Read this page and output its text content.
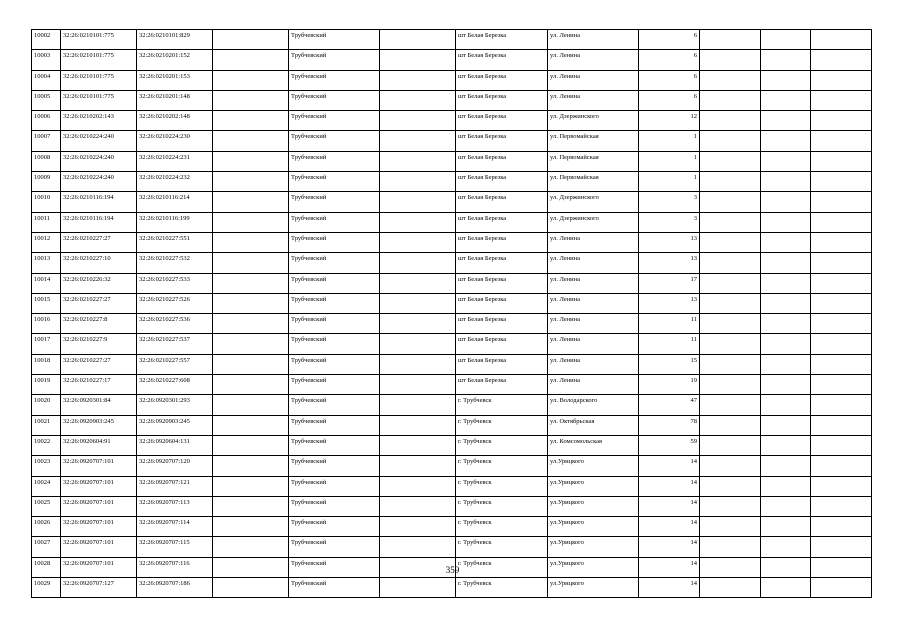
10002	32:26:0210101:775	32:26:0210101:829		Трубчевский		шт Белая Березка	ул. Ленина	6			
10003	32:26:0210101:775	32:26:0210201:152		Трубчевский		шт Белая Березка	ул. Ленина	6			
10004	32:26:0210101:775	32:26:0210201:153		Трубчевский		шт Белая Березка	ул. Ленина	6			
10005	32:26:0210101:775	32:26:0210201:148		Трубчевский		шт Белая Березка	ул. Ленина	6			
10006	32:26:0210202:143	32:26:0210202:148		Трубчевский		шт Белая Березка	ул. Дзержинского	12			
10007	32:26:0210224:240	32:26:0210224:230		Трубчевский		шт Белая Березка	ул. Первомайская	1			
10008	32:26:0210224:240	32:26:0210224:231		Трубчевский		шт Белая Березка	ул. Первомайская	1			
10009	32:26:0210224:240	32:26:0210224:232		Трубчевский		шт Белая Березка	ул. Первомайская	1			
10010	32:26:0210116:194	32:26:0210116:214		Трубчевский		шт Белая Березка	ул. Дзержинского	3			
10011	32:26:0210116:194	32:26:0210116:199		Трубчевский		шт Белая Березка	ул. Дзержинского	3			
10012	32:26:0210227:27	32:26:0210227:551		Трубчевский		шт Белая Березка	ул. Ленина	13			
10013	32:26:0210227:10	32:26:0210227:532		Трубчевский		шт Белая Березка	ул. Ленина	13			
10014	32:26:0210226:32	32:26:0210227:533		Трубчевский		шт Белая Березка	ул. Ленина	17			
10015	32:26:0210227:27	32:26:0210227:526		Трубчевский		шт Белая Березка	ул. Ленина	13			
10016	32:26:0210227:8	32:26:0210227:536		Трубчевский		шт Белая Березка	ул. Ленина	11			
10017	32:26:0210227:9	32:26:0210227:537		Трубчевский		шт Белая Березка	ул. Ленина	11			
10018	32:26:0210227:27	32:26:0210227:557		Трубчевский		шт Белая Березка	ул. Ленина	15			
10019	32:26:0210227:17	32:26:0210227:608		Трубчевский		шт Белая Березка	ул. Ленина	19			
10020	32:26:0920301:84	32:26:0920301:293		Трубчевский		г. Трубчевск	ул. Володарского	47			
10021	32:26:0920903:245	32:26:0920903:245		Трубчевский		г. Трубчевск	ул. Октябрьская	78			
10022	32:26:0920604:91	32:26:0920604:131		Трубчевский		г. Трубчевск	ул. Комсомольская	59			
10023	32:26:0920707:101	32:26:0920707:120		Трубчевский		г. Трубчевск	ул.Урицкого	14			
10024	32:26:0920707:101	32:26:0920707:121		Трубчевский		г. Трубчевск	ул.Урицкого	14			
10025	32:26:0920707:101	32:26:0920707:113		Трубчевский		г. Трубчевск	ул.Урицкого	14			
10026	32:26:0920707:101	32:26:0920707:114		Трубчевский		г. Трубчевск	ул.Урицкого	14			
10027	32:26:0920707:101	32:26:0920707:115		Трубчевский		г. Трубчевск	ул.Урицкого	14			
10028	32:26:0920707:101	32:26:0920707:116		Трубчевский		г. Трубчевск	ул.Урицкого	14			
10029	32:26:0920707:127	32:26:0920707:186		Трубчевский		г. Трубчевск	ул.Урицкого	14			
359
